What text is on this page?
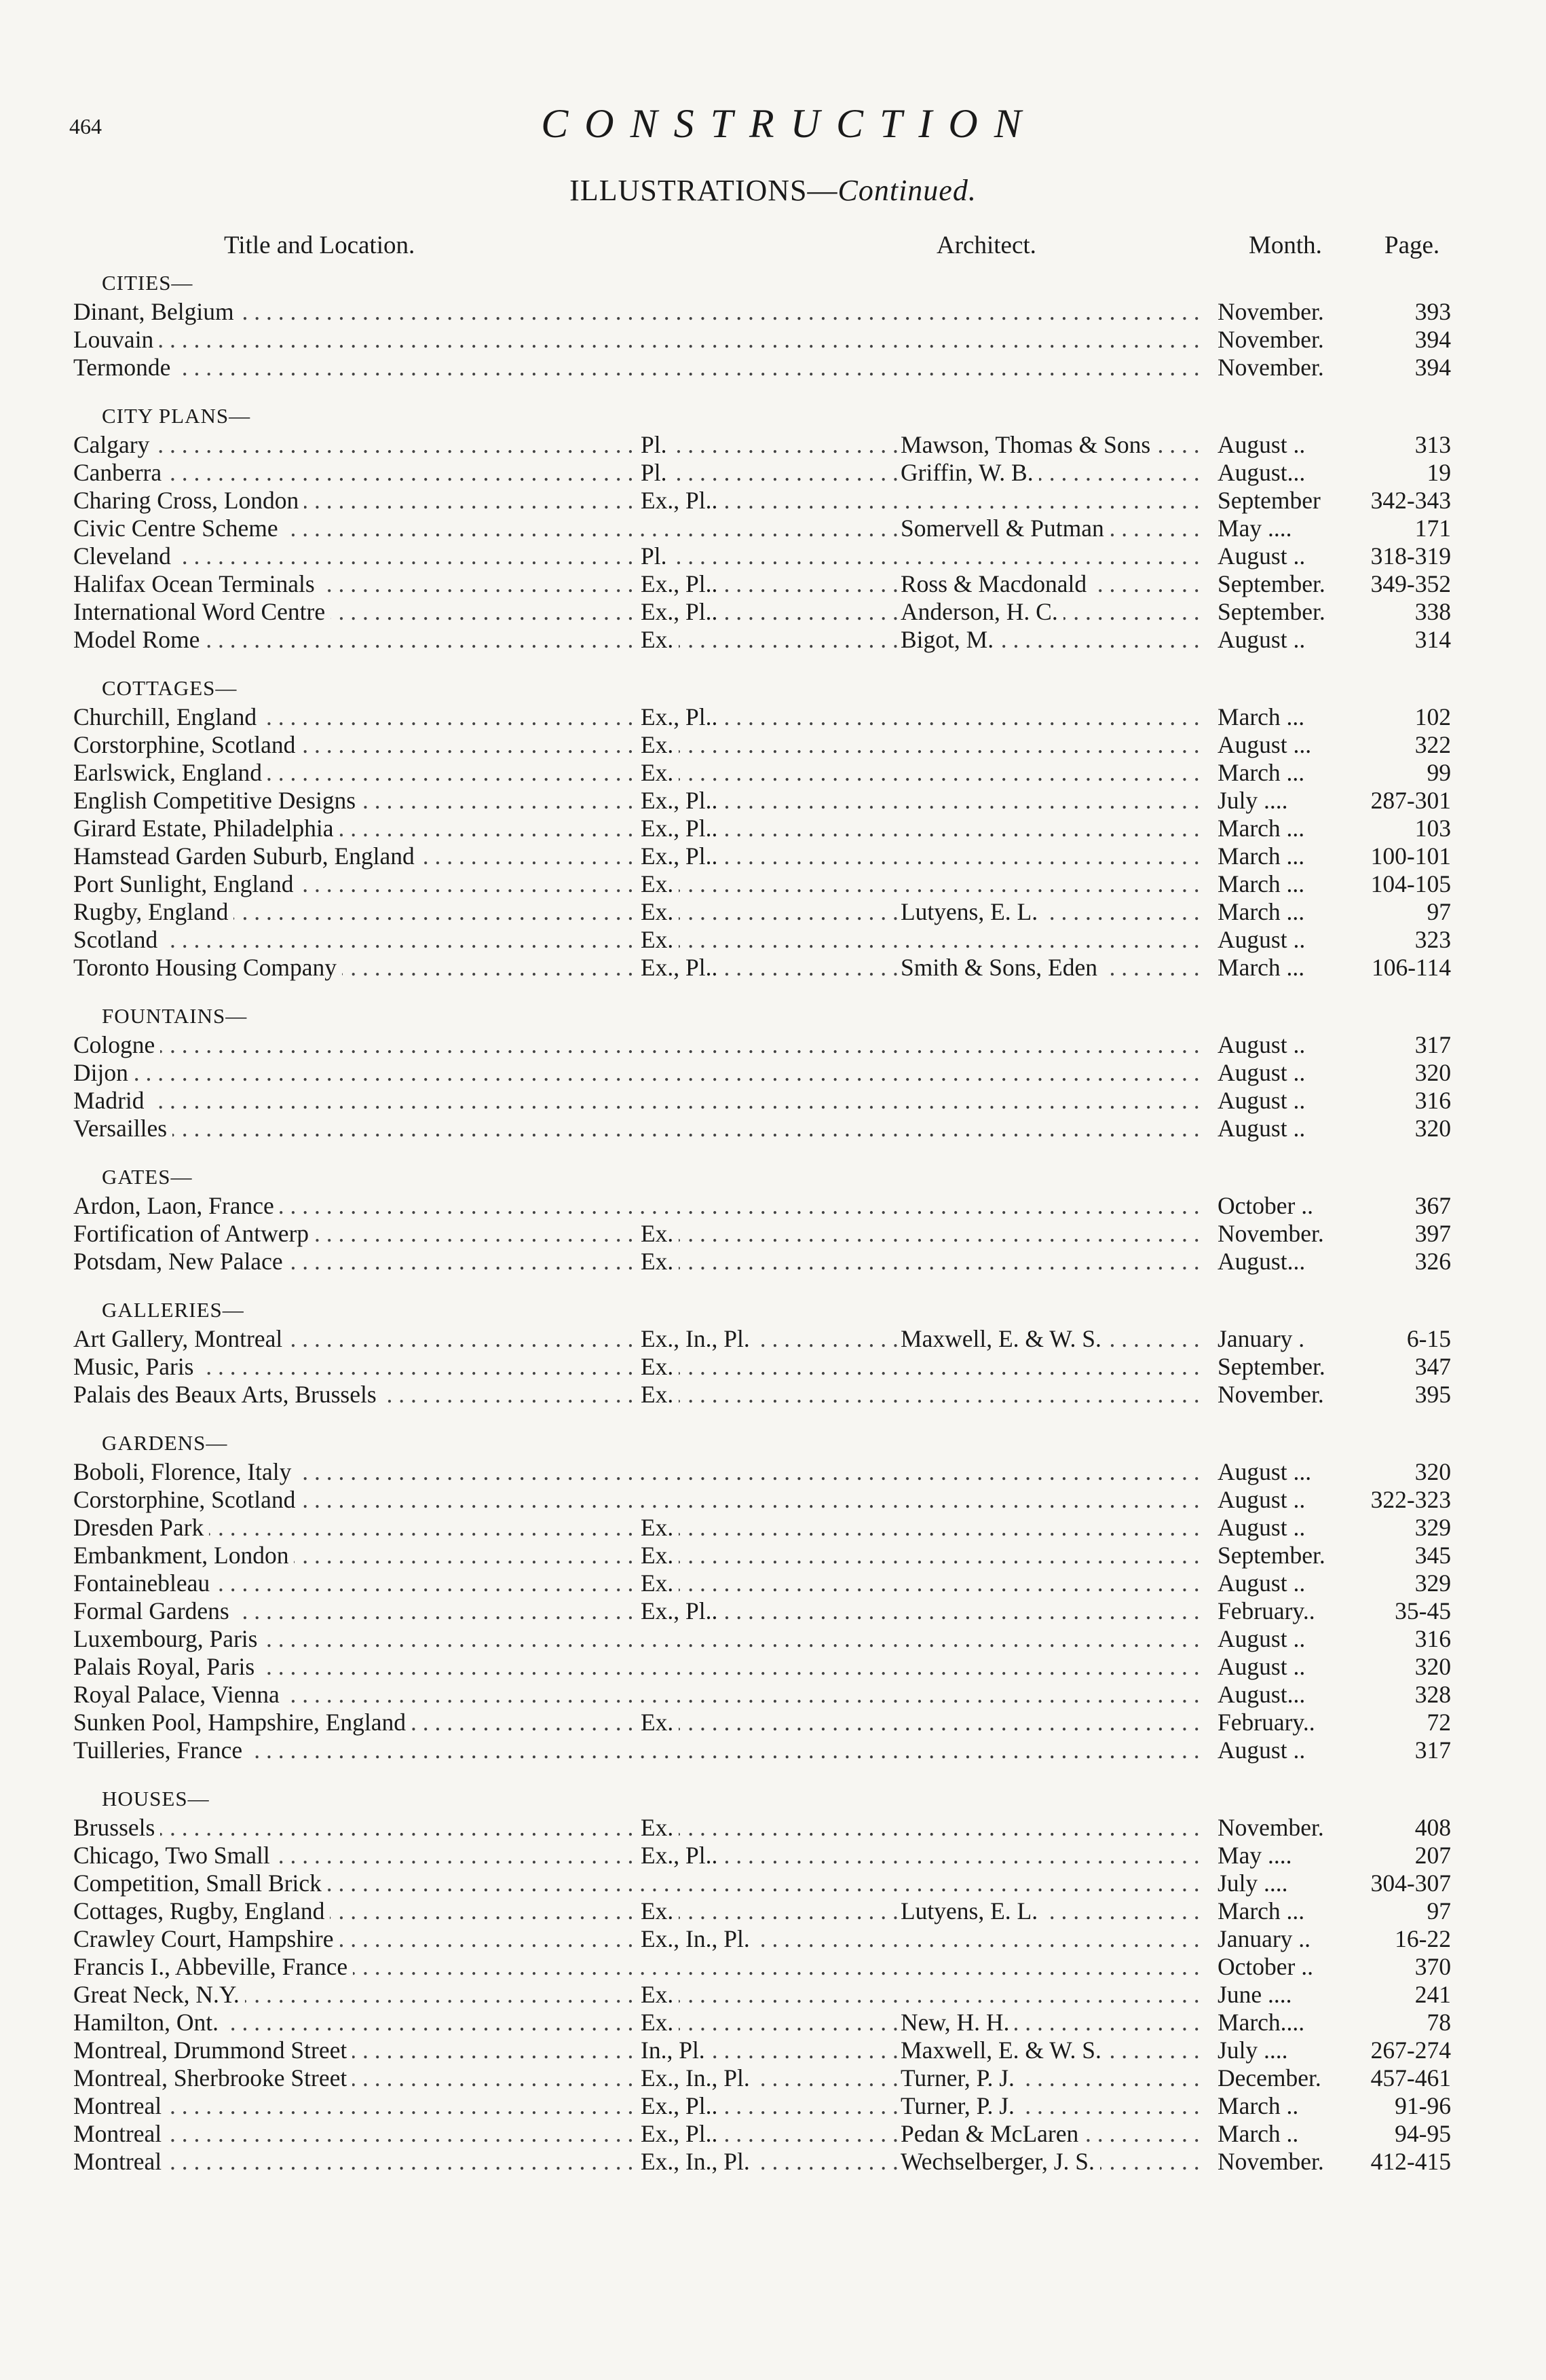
464	CONSTRUCTION
ILLUSTRATIONS—Continued.
Title and Location.	Architect.	Month. Page.
CITIES—
. . .
Dinant, Belgium	November.	393
. . .
Louvain	November.	394
. . .
Termonde	November.	394
CITY PLANS—
. . .
Calgary	Pl.	Mawson, Thomas & Sons	August ..	313
. . .
Canberra	Pl.	Griffin, W. B.	August...	19
. . .
Charing Cross, London	Ex., Pl..	September 342-343
. . .
Civic Centre Scheme	Somervell & Putman	May ....	171
. . .
Cleveland	Pl.	August ..	318-319
. . .
Halifax Ocean Terminals	Ex., Pl..	Ross & Macdonald	September. 349-352
. . .
International Word Centre	Ex., Pl..	Anderson, H. C.	September.	338
. . .
Model Rome	Ex.	Bigot, M.	August ..	314
COTTAGES—
. . .
Churchill, England	Ex., Pl..	March ...	102
. . .
Corstorphine, Scotland	Ex.	August ...	322
. . .
Earlswick, England	Ex.	March ...	99
. . .
English Competitive Designs	Ex., Pl..	July ....	287-301
. . .
Girard Estate, Philadelphia	Ex., Pl..	March ...	103
. . .
Hamstead Garden Suburb, England	Ex., Pl..	March ...	100-101
. . .
Port Sunlight, England	Ex.	March ...	104-105
. . .
Rugby, England	Ex.	Lutyens, E. L.	March ...	97
. . .
Scotland	Ex.	August ..	323
. . .
Toronto Housing Company	Ex., Pl..	Smith & Sons, Eden	March ...	106-114
FOUNTAINS—
. . .
Cologne	August ..	317
. . .
Dijon	August ..	320
. . .
Madrid	August ..	316
. . .
Versailles	August ..	320
GATES—
. . .
Ardon, Laon, France	October ..	367
. . .
Fortification of Antwerp	Ex.	November.	397
. . .
Potsdam, New Palace	Ex.	August...	326
GALLERIES—
. . .
Art Gallery, Montreal	Ex., In., Pl.	Maxwell, E. & W. S.	January .	6-15
. . .
Music, Paris	Ex.	September.	347
. . .
Palais des Beaux Arts, Brussels	Ex.	November.	395
GARDENS—
. . .
Boboli, Florence, Italy	August ...	320
. . .
Corstorphine, Scotland	August ..	322-323
. . .
Dresden Park	Ex.	August ..	329
. . .
Embankment, London	Ex.	September.	345
. . .
Fontainebleau	Ex.	August ..	329
. . .
Formal Gardens	Ex., Pl..	February..	35-45
. . .
Luxembourg, Paris	August ..	316
. . .
Palais Royal, Paris	August ..	320
. . .
Royal Palace, Vienna	August...	328
. . .
Sunken Pool, Hampshire, England	Ex.	February..	72
. . .
Tuilleries, France	August ..	317
HOUSES—
. . .
Brussels	Ex.	November.	408
. . .
Chicago, Two Small	Ex., Pl..	May ....	207
. . .
Competition, Small Brick	July ....	304-307
. . .
Cottages, Rugby, England	Ex.	Lutyens, E. L.	March ...	97
. . .
Crawley Court, Hampshire	Ex., In., Pl.	January ..	16-22
. . .
Francis I., Abbeville, France	October ..	370
. . .
Great Neck, N.Y.	Ex.	June ....	241
. . .
Hamilton, Ont.	Ex.	New, H. H.	March....	78
. . .
Montreal, Drummond Street	In., Pl.	Maxwell, E. & W. S.	July ....	267-274
. . .
Montreal, Sherbrooke Street	Ex., In., Pl.	Turner, P. J.	December. 457-461
. . .
Montreal	Ex., Pl..	Turner, P. J.	March ..	91-96
. . .
Montreal	Ex., Pl..	Pedan & McLaren	March ..	94-95
. . .
Montreal	Ex., In., Pl.	Wechselberger, J. S.	November. 412-415
